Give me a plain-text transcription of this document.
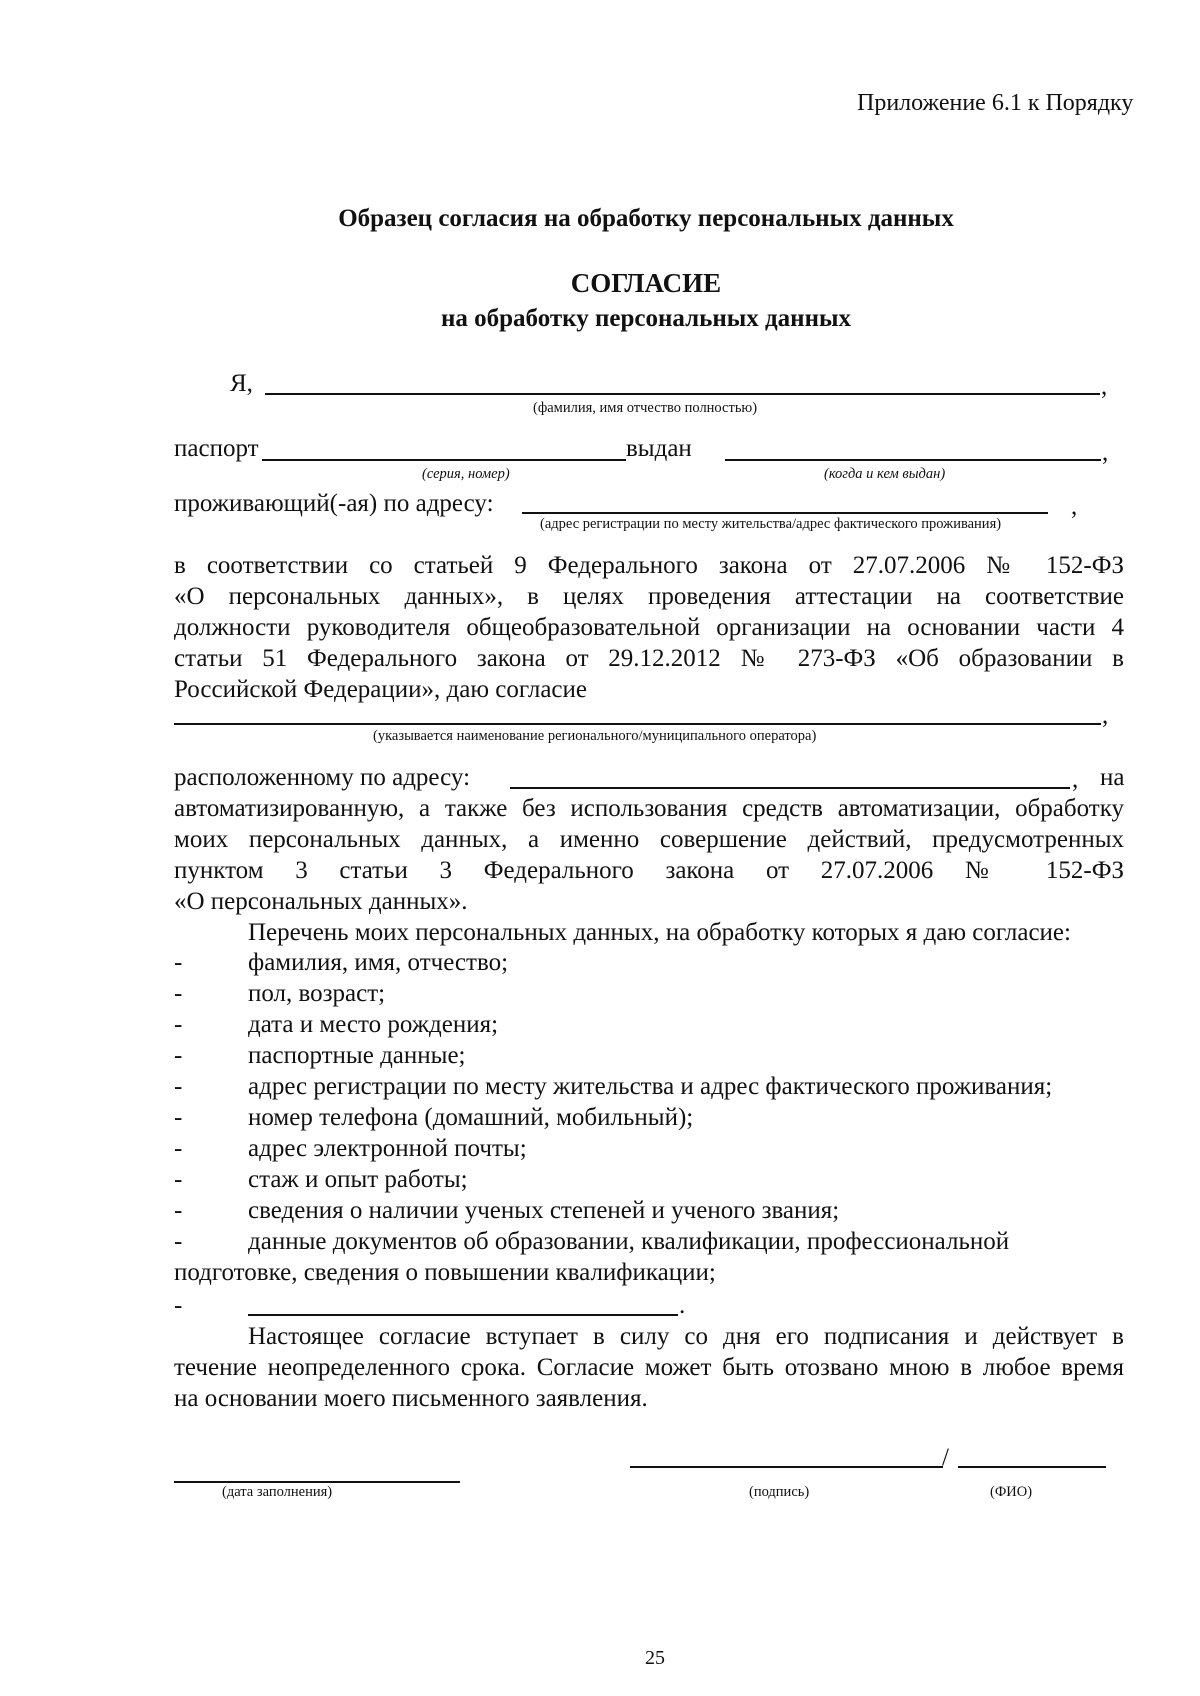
Приложение 6.1 к Порядку
Образец согласия на обработку персональных данных
СОГЛАСИЕ
на обработку персональных данных
Я,	,
(фамилия, имя отчество полностью)
паспорт	выдан	,
(серия, номер)	(когда и кем выдан)
проживающий(-ая) по адресу:	,
(адрес регистрации по месту жительства/адрес фактического проживания)
в соответствии со статьей 9 Федерального закона от 27.07.2006 № 152-ФЗ
«О персональных данных», в целях проведения аттестации на соответствие
должности руководителя общеобразовательной организации на основании части 4
статьи 51 Федерального закона от 29.12.2012 № 273-ФЗ «Об образовании в
Российской Федерации», даю согласие
,
(указывается наименование регионального/муниципального оператора)
расположенному по адресу:	, на
автоматизированную, а также без использования средств автоматизации, обработку
моих персональных данных, а именно совершение действий, предусмотренных
пунктом 3 статьи 3 Федерального закона от 27.07.2006 № 152-ФЗ
«О персональных данных».
Перечень моих персональных данных, на обработку которых я даю согласие:
-	фамилия, имя, отчество;
-	пол, возраст;
-	дата и место рождения;
-	паспортные данные;
-	адрес регистрации по месту жительства и адрес фактического проживания;
-	номер телефона (домашний, мобильный);
-	адрес электронной почты;
-	стаж и опыт работы;
-	сведения о наличии ученых степеней и ученого звания;
-	данные документов об образовании, квалификации, профессиональной
подготовке, сведения о повышении квалификации;
-	.
Настоящее согласие вступает в силу со дня его подписания и действует в
течение неопределенного срока. Согласие может быть отозвано мною в любое время
на основании моего письменного заявления.
/
(дата заполнения)	(подпись)	(ФИО)
25
